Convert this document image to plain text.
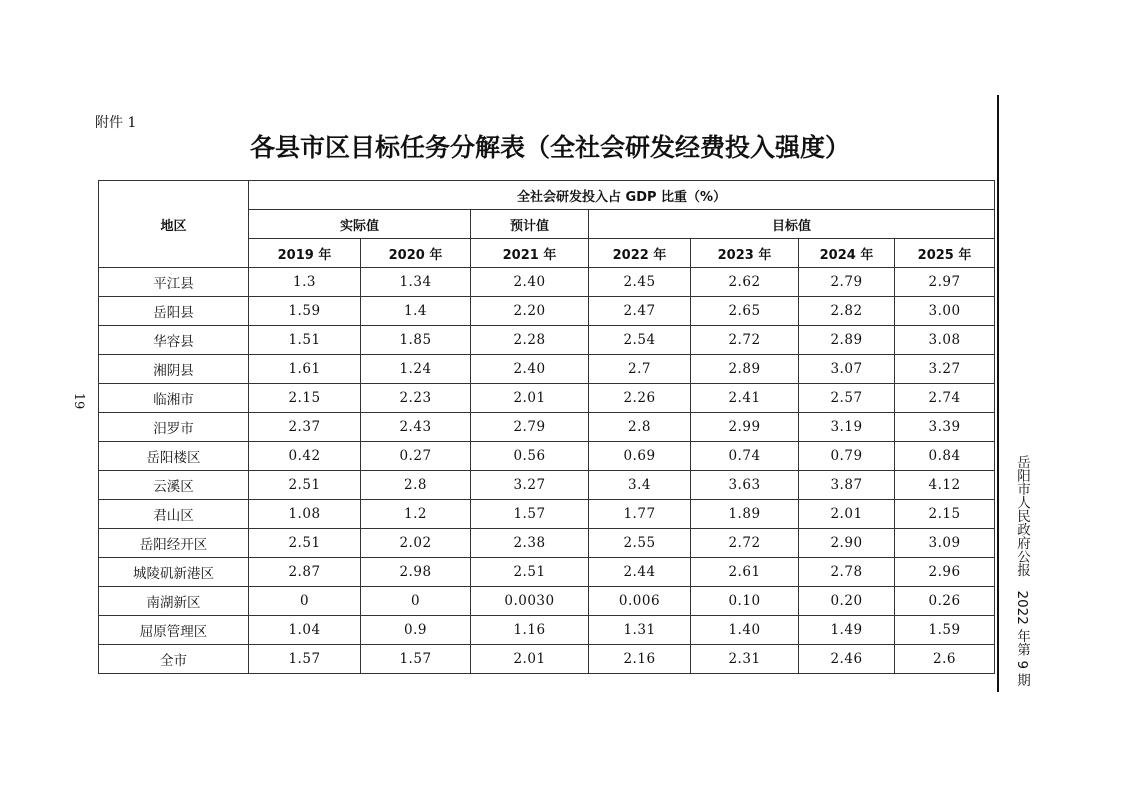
附件 1
各县市区目标任务分解表（全社会研发经费投入强度）
19
地区	全社会研发投入占 GDP 比重（%）						
	实际值		预计值	目标值			
	2019 年	2020 年	2021 年	2022 年	2023 年	2024 年	2025 年
平江县	1.3	1.34	2.40	2.45	2.62	2.79	2.97
岳阳县	1.59	1.4	2.20	2.47	2.65	2.82	3.00
华容县	1.51	1.85	2.28	2.54	2.72	2.89	3.08
湘阴县	1.61	1.24	2.40	2.7	2.89	3.07	3.27
临湘市	2.15	2.23	2.01	2.26	2.41	2.57	2.74
汨罗市	2.37	2.43	2.79	2.8	2.99	3.19	3.39
岳阳楼区	0.42	0.27	0.56	0.69	0.74	0.79	0.84
云溪区	2.51	2.8	3.27	3.4	3.63	3.87	4.12
君山区	1.08	1.2	1.57	1.77	1.89	2.01	2.15
岳阳经开区	2.51	2.02	2.38	2.55	2.72	2.90	3.09
城陵矶新港区	2.87	2.98	2.51	2.44	2.61	2.78	2.96
南湖新区	0	0	0.0030	0.006	0.10	0.20	0.26
屈原管理区	1.04	0.9	1.16	1.31	1.40	1.49	1.59
全市	1.57	1.57	2.01	2.16	2.31	2.46	2.6
岳阳市人民政府公报2022 年第 9 期
